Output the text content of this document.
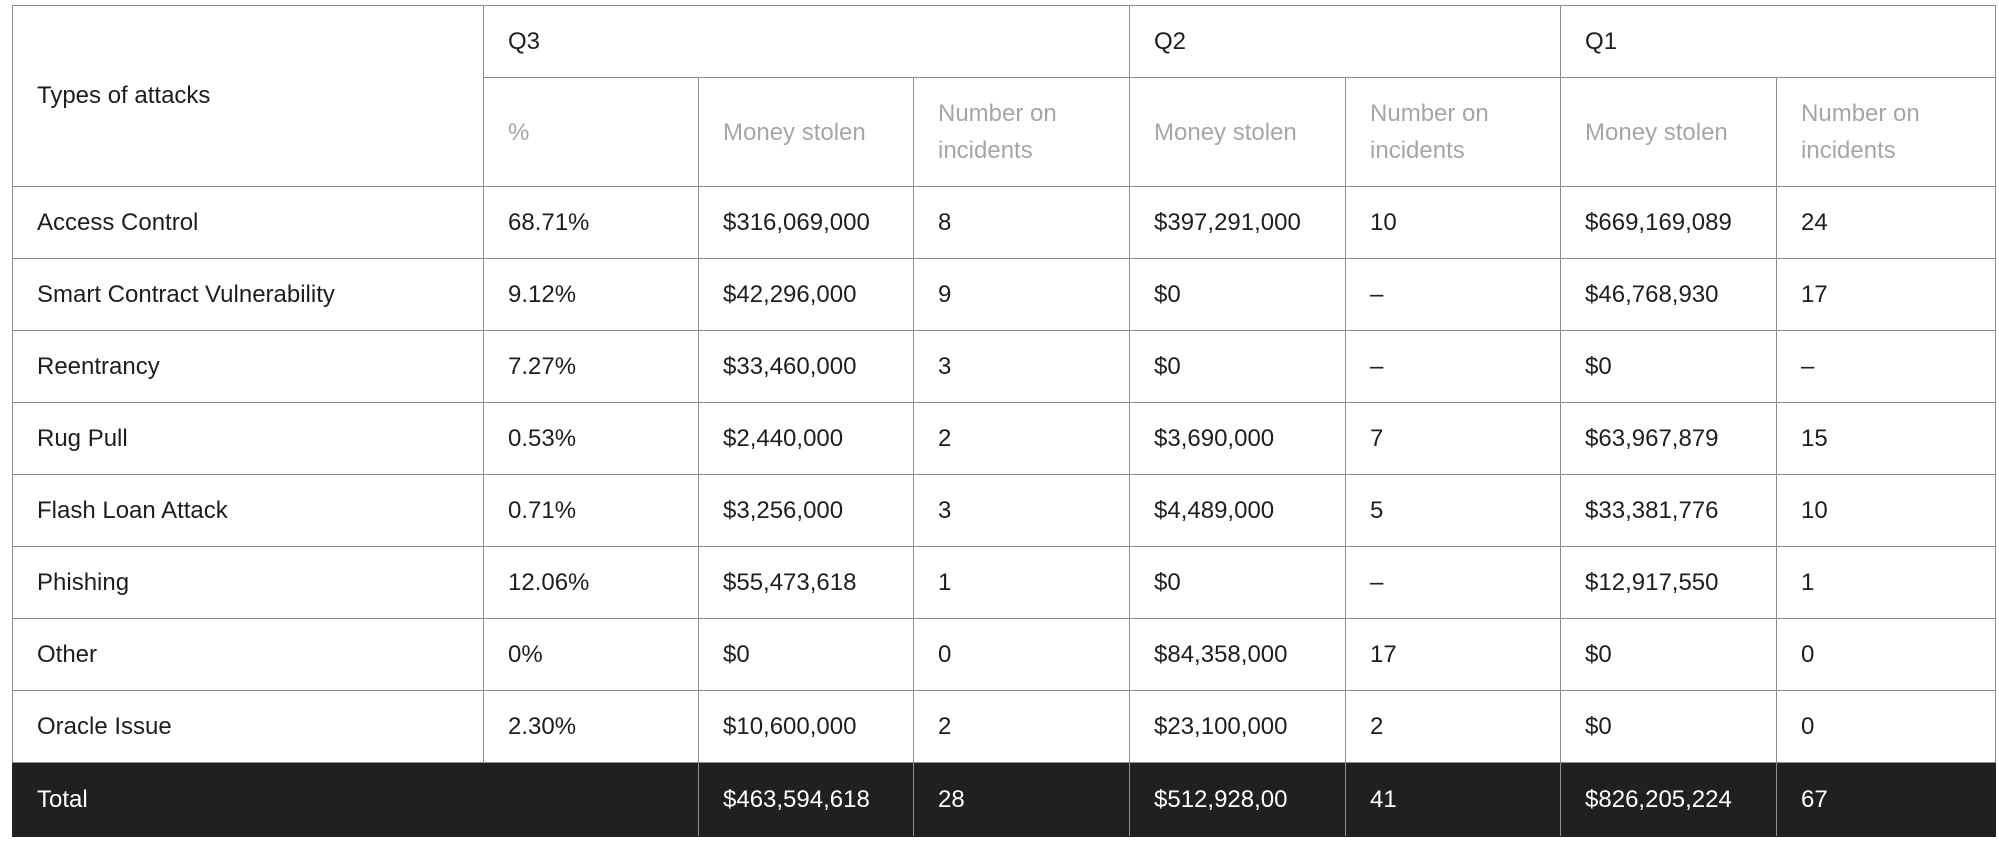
Types of attacks	Q3			Q2		Q1	
	%	Money stolen	Number on incidents	Money stolen	Number on incidents	Money stolen	Number on incidents
Access Control	68.71%	$316,069,000	8	$397,291,000	10	$669,169,089	24
Smart Contract Vulnerability	9.12%	$42,296,000	9	$0	–	$46,768,930	17
Reentrancy	7.27%	$33,460,000	3	$0	–	$0	–
Rug Pull	0.53%	$2,440,000	2	$3,690,000	7	$63,967,879	15
Flash Loan Attack	0.71%	$3,256,000	3	$4,489,000	5	$33,381,776	10
Phishing	12.06%	$55,473,618	1	$0	–	$12,917,550	1
Other	0%	$0	0	$84,358,000	17	$0	0
Oracle Issue	2.30%	$10,600,000	2	$23,100,000	2	$0	0
Total		$463,594,618	28	$512,928,00	41	$826,205,224	67
